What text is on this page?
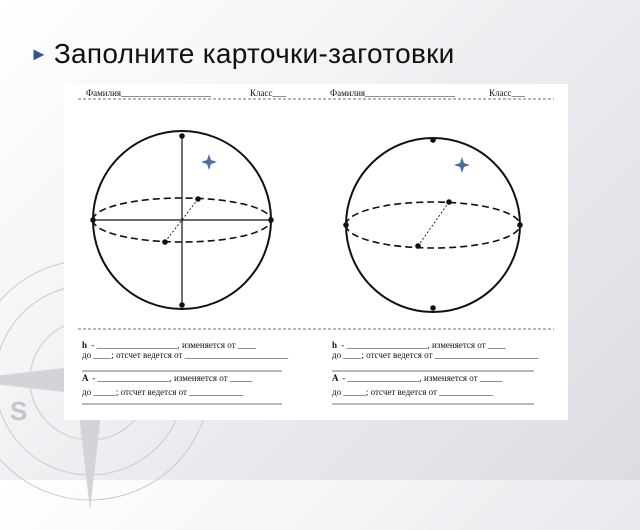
S
► Заполните карточки-заготовки
Фамилия____________________	Класс___
h - __________________, изменяется от ____
до ____; отсчет ведется от _______________________
A - ________________, изменяется от _____
до _____; отсчет ведется от ____________
Фамилия____________________	Класс___
h - __________________, изменяется от ____
до ____; отсчет ведется от _______________________
A - ________________, изменяется от _____
до _____; отсчет ведется от ____________
